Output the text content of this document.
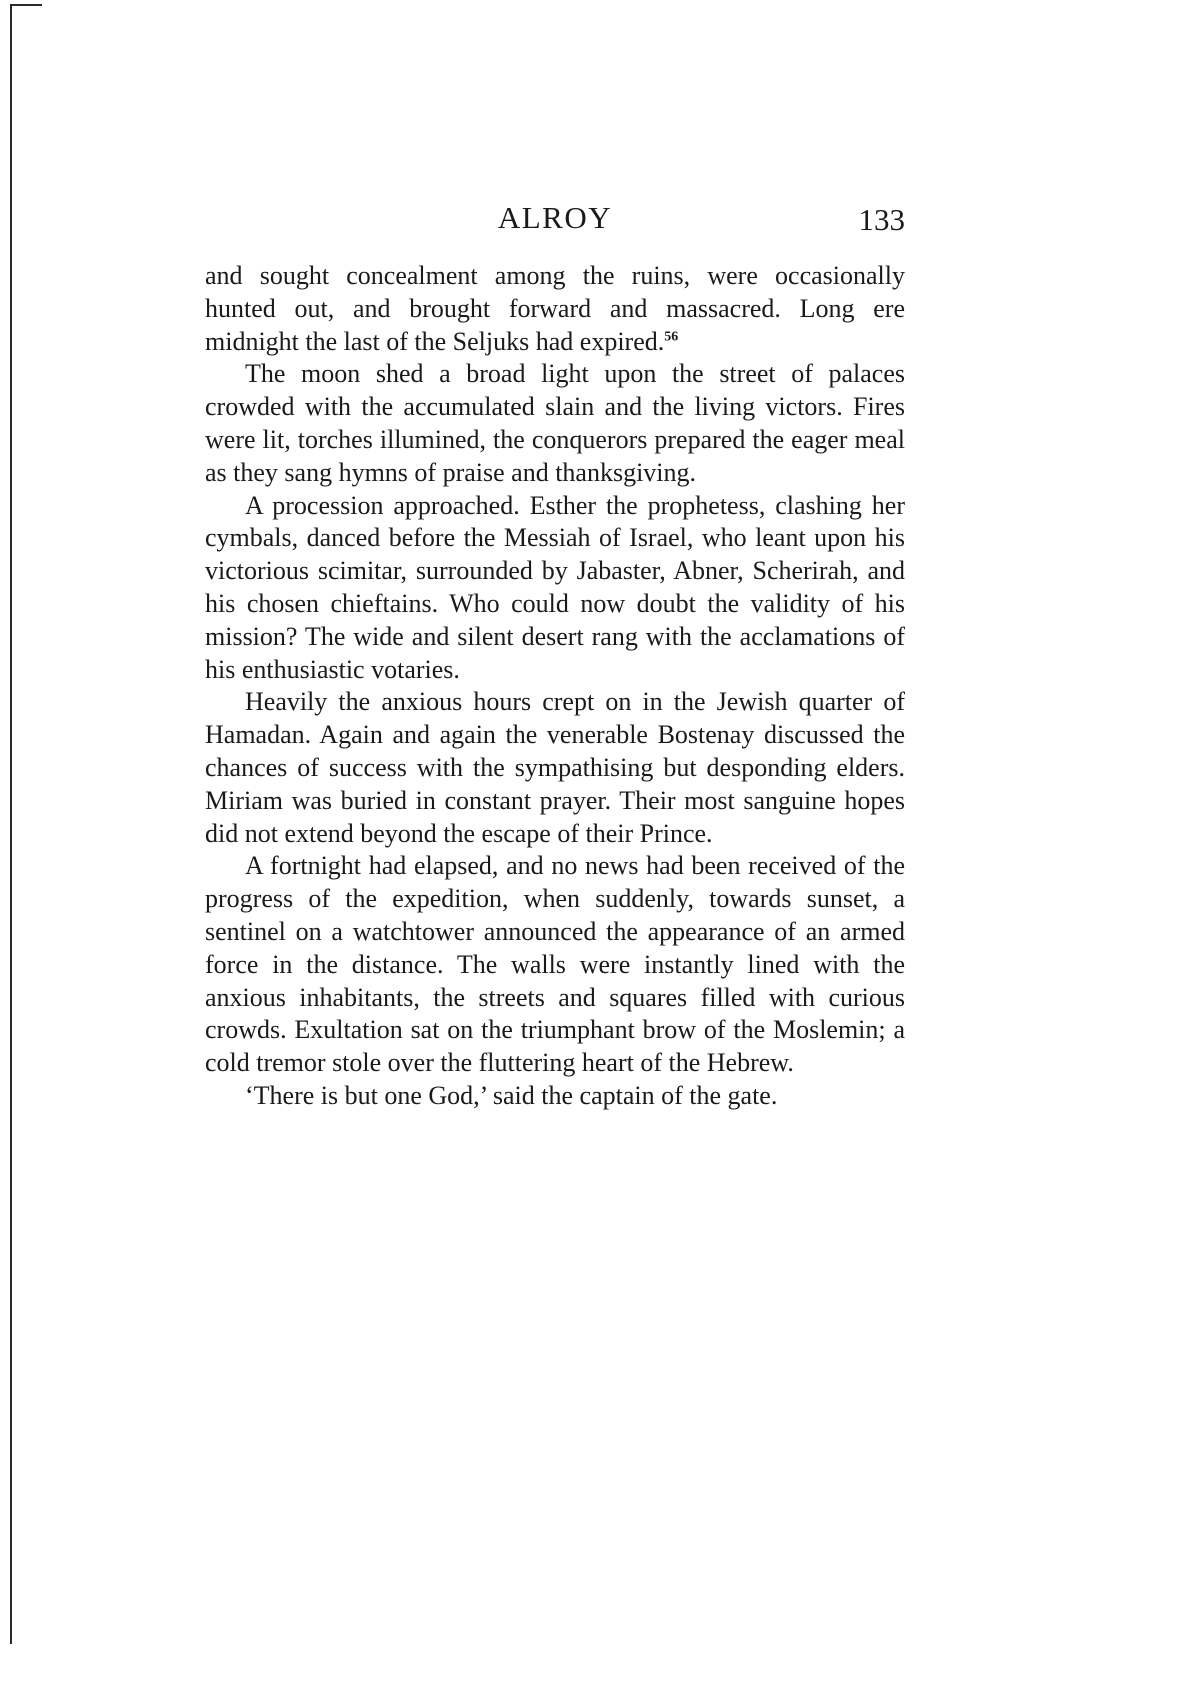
ALROY	133

and sought concealment among the ruins, were occasionally hunted out, and brought forward and massacred. Long ere midnight the last of the Seljuks had expired.$^{56}$

The moon shed a broad light upon the street of palaces crowded with the accumulated slain and the living victors. Fires were lit, torches illumined, the conquerors prepared the eager meal as they sang hymns of praise and thanksgiving.

A procession approached. Esther the prophetess, clashing her cymbals, danced before the Messiah of Israel, who leant upon his victorious scimitar, surrounded by Jabaster, Abner, Scherirah, and his chosen chieftains. Who could now doubt the validity of his mission? The wide and silent desert rang with the acclamations of his enthusiastic votaries.

Heavily the anxious hours crept on in the Jewish quarter of Hamadan. Again and again the venerable Bostenay discussed the chances of success with the sympathising but desponding elders. Miriam was buried in constant prayer. Their most sanguine hopes did not extend beyond the escape of their Prince.

A fortnight had elapsed, and no news had been received of the progress of the expedition, when suddenly, towards sunset, a sentinel on a watchtower announced the appearance of an armed force in the distance. The walls were instantly lined with the anxious inhabitants, the streets and squares filled with curious crowds. Exultation sat on the triumphant brow of the Moslemin; a cold tremor stole over the fluttering heart of the Hebrew.

‘There is but one God,’ said the captain of the gate.
